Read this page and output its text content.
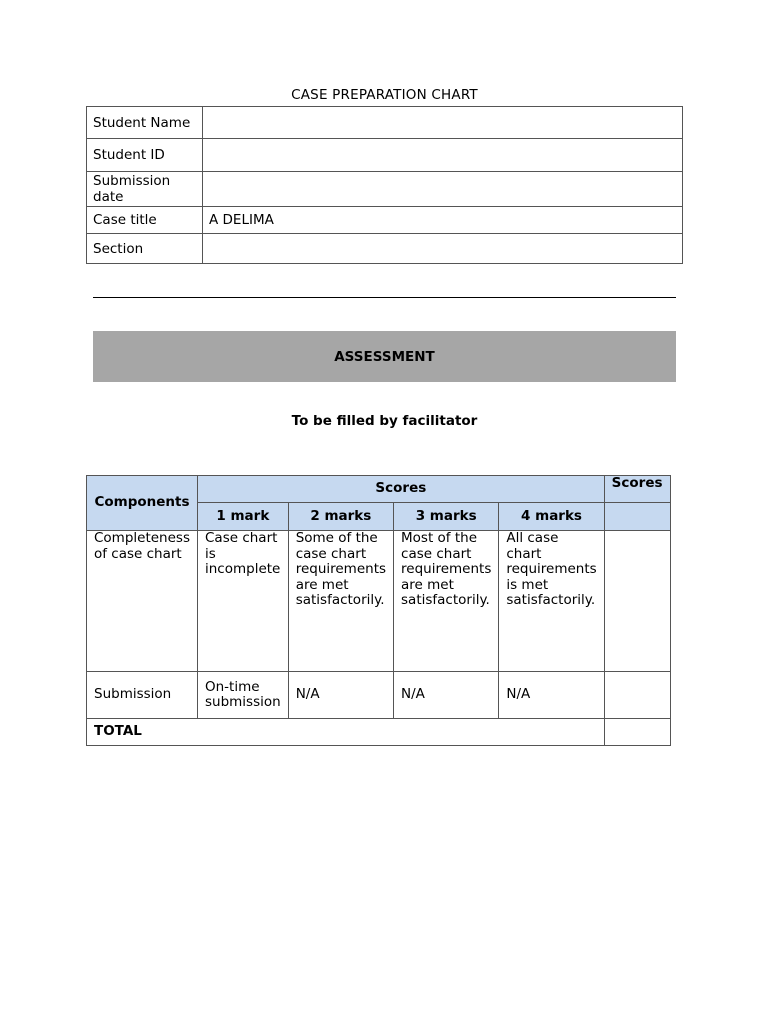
CASE PREPARATION CHART
Student Name	
Student ID	
Submission date	
Case title	A DELIMA
Section	
ASSESSMENT
To be filled by facilitator
Components	Scores				Scores
	1 mark	2 marks	3 marks	4 marks	
Completeness of case chart	Case chart is incomplete	Some of the case chart requirements are met satisfactorily.	Most of the case chart requirements are met satisfactorily.	All case chart requirements is met satisfactorily.	
Submission	On-time submission	N/A	N/A	N/A	
TOTAL					
